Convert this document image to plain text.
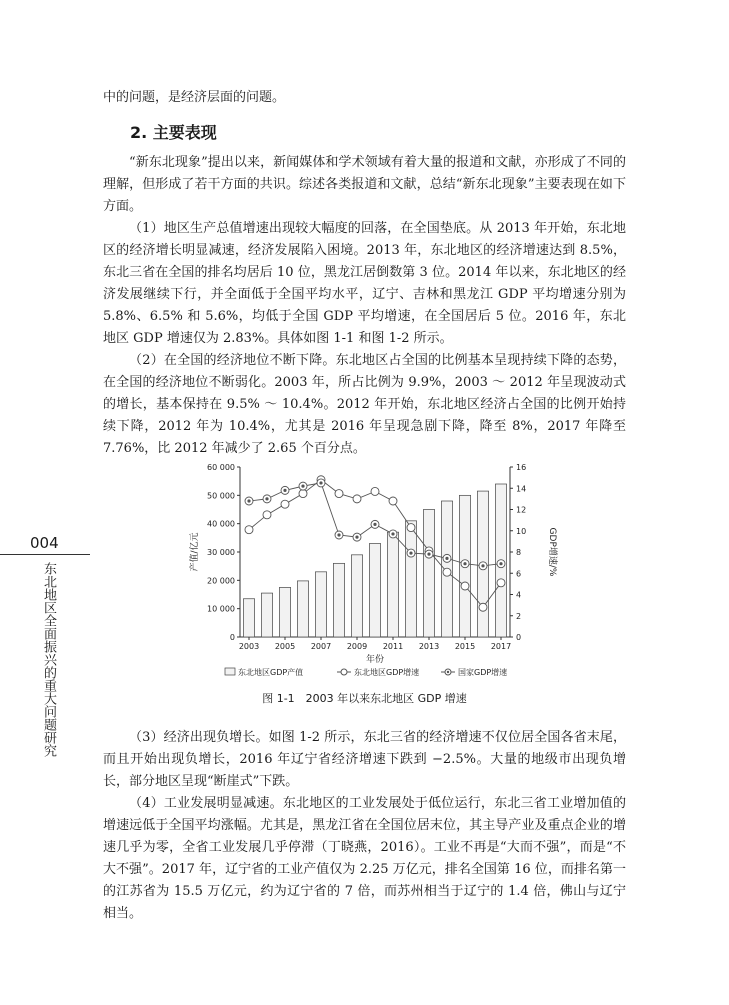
中的问题，是经济层面的问题。

2. 主要表现

“新东北现象”提出以来，新闻媒体和学术领域有着大量的报道和文献，亦形成了不同的理解，但形成了若干方面的共识。综述各类报道和文献，总结“新东北现象”主要表现在如下方面。

（1）地区生产总值增速出现较大幅度的回落，在全国垫底。从 2013 年开始，东北地区的经济增长明显减速，经济发展陷入困境。2013 年，东北地区的经济增速达到 8.5%，东北三省在全国的排名均居后 10 位，黑龙江居倒数第 3 位。2014 年以来，东北地区的经济发展继续下行，并全面低于全国平均水平，辽宁、吉林和黑龙江 GDP 平均增速分别为 5.8%、6.5% 和 5.6%，均低于全国 GDP 平均增速，在全国居后 5 位。2016 年，东北地区 GDP 增速仅为 2.83%。具体如图 1-1 和图 1-2 所示。

（2）在全国的经济地位不断下降。东北地区占全国的比例基本呈现持续下降的态势，在全国的经济地位不断弱化。2003 年，所占比例为 9.9%，2003 ～ 2012 年呈现波动式的增长，基本保持在 9.5% ～ 10.4%。2012 年开始，东北地区经济占全国的比例开始持续下降，2012 年为 10.4%，尤其是 2016 年呈现急剧下降，降至 8%，2017 年降至 7.76%，比 2012 年减少了 2.65 个百分点。

0
10 000
20 000
30 000
40 000
50 000
60 000
0
2
4
6
8
10
12
14
16
2003 2005 2007 2009 2011 2013 2015 2017
产值/亿元	GDP增速/%
年份
东北地区GDP产值	东北地区GDP增速	国家GDP增速
图 1-1　2003 年以来东北地区 GDP 增速

（3）经济出现负增长。如图 1-2 所示，东北三省的经济增速不仅位居全国各省末尾，而且开始出现负增长，2016 年辽宁省经济增速下跌到 −2.5%。大量的地级市出现负增长，部分地区呈现“断崖式”下跌。

（4）工业发展明显减速。东北地区的工业发展处于低位运行，东北三省工业增加值的增速远低于全国平均涨幅。尤其是，黑龙江省在全国位居末位，其主导产业及重点企业的增速几乎为零，全省工业发展几乎停滞（丁晓燕，2016）。工业不再是“大而不强”，而是“不大不强”。2017 年，辽宁省的工业产值仅为 2.25 万亿元，排名全国第 16 位，而排名第一的江苏省为 15.5 万亿元，约为辽宁省的 7 倍，而苏州相当于辽宁的 1.4 倍，佛山与辽宁相当。

004
东北地区全面振兴的重大问题研究
